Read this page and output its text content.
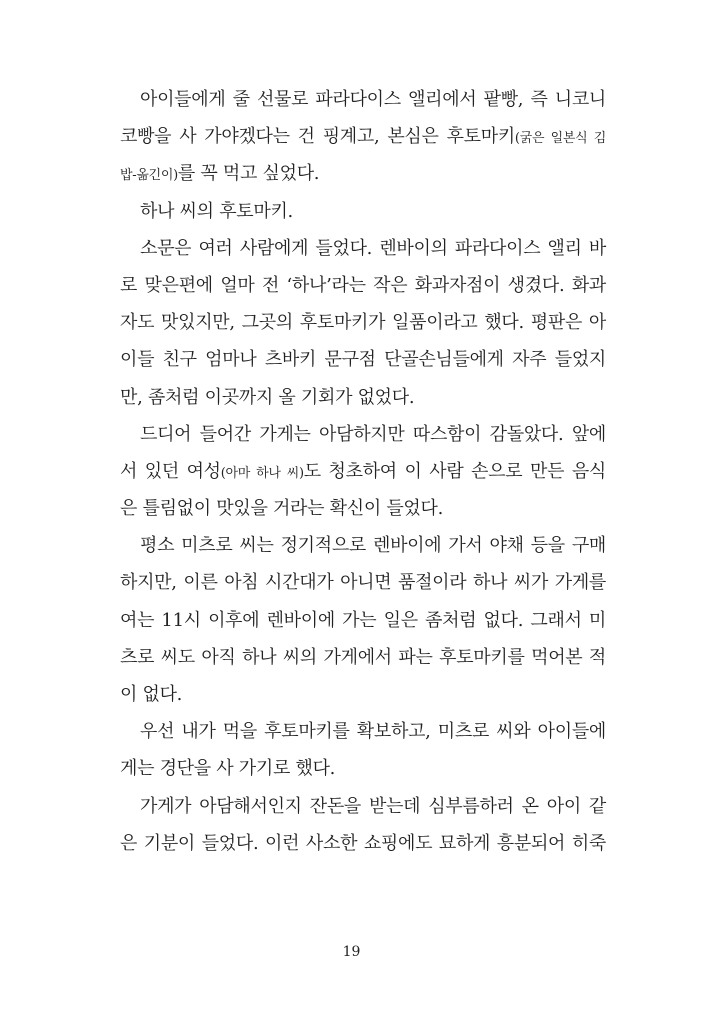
아이들에게 줄 선물로 파라다이스 앨리에서 팥빵, 즉 니코니
코빵을 사 가야겠다는 건 핑계고, 본심은 후토마키(굵은 일본식 김
밥-옮긴이)를 꼭 먹고 싶었다.
하나 씨의 후토마키.
소문은 여러 사람에게 들었다. 렌바이의 파라다이스 앨리 바
로 맞은편에 얼마 전 ‘하나’라는 작은 화과자점이 생겼다. 화과
자도 맛있지만, 그곳의 후토마키가 일품이라고 했다. 평판은 아
이들 친구 엄마나 츠바키 문구점 단골손님들에게 자주 들었지
만, 좀처럼 이곳까지 올 기회가 없었다.
드디어 들어간 가게는 아담하지만 따스함이 감돌았다. 앞에
서 있던 여성(아마 하나 씨)도 청초하여 이 사람 손으로 만든 음식
은 틀림없이 맛있을 거라는 확신이 들었다.
평소 미츠로 씨는 정기적으로 렌바이에 가서 야채 등을 구매
하지만, 이른 아침 시간대가 아니면 품절이라 하나 씨가 가게를
여는 11시 이후에 렌바이에 가는 일은 좀처럼 없다. 그래서 미
츠로 씨도 아직 하나 씨의 가게에서 파는 후토마키를 먹어본 적
이 없다.
우선 내가 먹을 후토마키를 확보하고, 미츠로 씨와 아이들에
게는 경단을 사 가기로 했다.
가게가 아담해서인지 잔돈을 받는데 심부름하러 온 아이 같
은 기분이 들었다. 이런 사소한 쇼핑에도 묘하게 흥분되어 히죽
19
